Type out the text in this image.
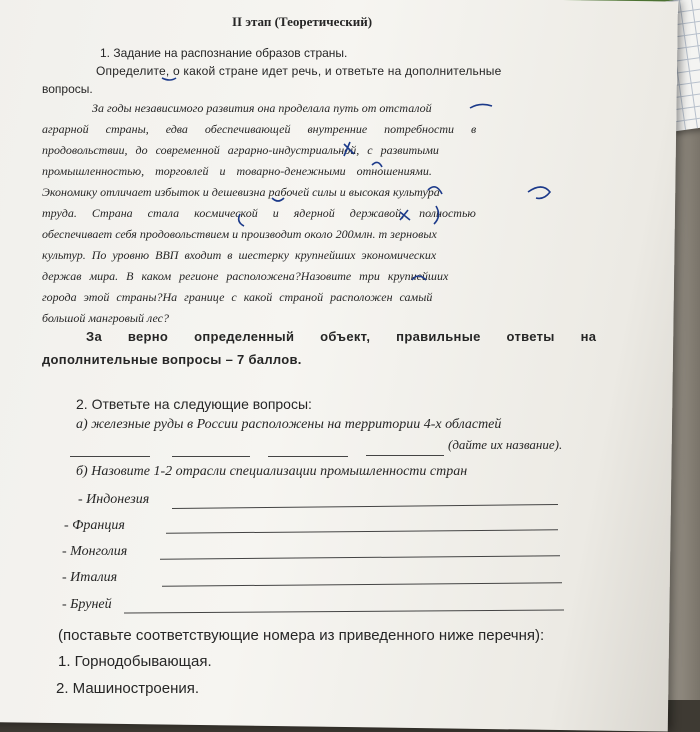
II этап (Теоретический)
1. Задание на распознание образов страны.
Определите, о какой стране идет речь, и ответьте на дополнительные
вопросы.
За годы независимого развития она проделала путь от отсталой
аграрной страны, едва обеспечивающей внутренние потребности в
продовольствии, до современной аграрно-индустриальной, с развитыми
промышленностью, торговлей и товарно-денежными отношениями.
Экономику отличает избыток и дешевизна рабочей силы и высокая культура
труда. Страна стала космической и ядерной державой, полностью
обеспечивает себя продовольствием и производит около 200млн. т зерновых
культур. По уровню ВВП входит в шестерку крупнейших экономических
держав мира. В каком регионе расположена?Назовите три крупнейших
города этой страны?На границе с какой страной расположен самый
большой мангровый лес?
За верно определенный объект, правильные ответы на
дополнительные вопросы – 7 баллов.
2. Ответьте на следующие вопросы:
а) железные руды в России расположены на территории 4-х областей
(дайте их название).
б) Назовите 1-2 отрасли специализации промышленности стран
- Индонезия
- Франция
- Монголия
- Италия
- Бруней
(поставьте соответствующие номера из приведенного ниже перечня):
1. Горнодобывающая.
2. Машиностроения.
